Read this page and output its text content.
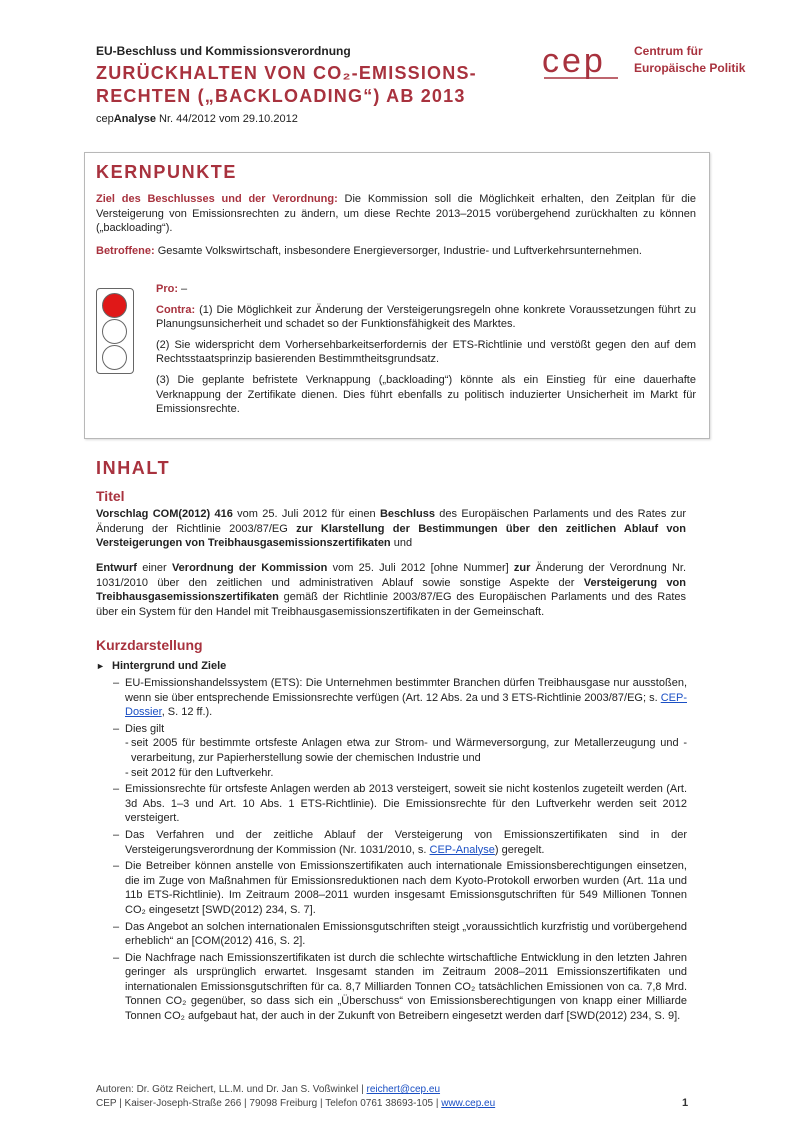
EU-Beschluss und Kommissionsverordnung
ZURÜCKHALTEN VON CO₂-EMISSIONS-
RECHTEN („BACKLOADING“) AB 2013
cepAnalyse Nr. 44/2012 vom 29.10.2012
cep Centrum für
Europäische Politik
KERNPUNKTE

Ziel des Beschlusses und der Verordnung: Die Kommission soll die Möglichkeit erhalten, den Zeitplan für die Versteigerung von Emissionsrechten zu ändern, um diese Rechte 2013–2015 vorübergehend zurückhalten zu können („backloading“).

Betroffene: Gesamte Volkswirtschaft, insbesondere Energieversorger, Industrie- und Luftverkehrsunternehmen.

Pro: –

Contra: (1) Die Möglichkeit zur Änderung der Versteigerungsregeln ohne konkrete Voraussetzungen führt zu Planungsunsicherheit und schadet so der Funktionsfähigkeit des Marktes.

(2) Sie widerspricht dem Vorhersehbarkeitserfordernis der ETS-Richtlinie und verstößt gegen den auf dem Rechtsstaatsprinzip basierenden Bestimmtheitsgrundsatz.

(3) Die geplante befristete Verknappung („backloading“) könnte als ein Einstieg für eine dauerhafte Verknappung der Zertifikate dienen. Dies führt ebenfalls zu politisch induzierter Unsicherheit im Markt für Emissionsrechte.

INHALT
Titel

Vorschlag COM(2012) 416 vom 25. Juli 2012 für einen Beschluss des Europäischen Parlaments und des Rates zur Änderung der Richtlinie 2003/87/EG zur Klarstellung der Bestimmungen über den zeitlichen Ablauf von Versteigerungen von Treibhausgasemissionszertifikaten und

Entwurf einer Verordnung der Kommission vom 25. Juli 2012 [ohne Nummer] zur Änderung der Verordnung Nr. 1031/2010 über den zeitlichen und administrativen Ablauf sowie sonstige Aspekte der Versteigerung von Treibhausgasemissionszertifikaten gemäß der Richtlinie 2003/87/EG des Europäischen Parlaments und des Rates über ein System für den Handel mit Treibhausgasemissionszertifikaten in der Gemeinschaft.

Kurzdarstellung
► Hintergrund und Ziele
– EU-Emissionshandelssystem (ETS): Die Unternehmen bestimmter Branchen dürfen Treibhausgase nur ausstoßen, wenn sie über entsprechende Emissionsrechte verfügen (Art. 12 Abs. 2a und 3 ETS-Richtlinie 2003/87/EG; s. CEP-Dossier, S. 12 ff.).
– Dies gilt
- seit 2005 für bestimmte ortsfeste Anlagen etwa zur Strom- und Wärmeversorgung, zur Metallerzeugung und -verarbeitung, zur Papierherstellung sowie der chemischen Industrie und
- seit 2012 für den Luftverkehr.
– Emissionsrechte für ortsfeste Anlagen werden ab 2013 versteigert, soweit sie nicht kostenlos zugeteilt werden (Art. 3d Abs. 1–3 und Art. 10 Abs. 1 ETS-Richtlinie). Die Emissionsrechte für den Luftverkehr werden seit 2012 versteigert.
– Das Verfahren und der zeitliche Ablauf der Versteigerung von Emissionszertifikaten sind in der Versteigerungsverordnung der Kommission (Nr. 1031/2010, s. CEP-Analyse) geregelt.
– Die Betreiber können anstelle von Emissionszertifikaten auch internationale Emissionsberechtigungen einsetzen, die im Zuge von Maßnahmen für Emissionsreduktionen nach dem Kyoto-Protokoll erworben wurden (Art. 11a und 11b ETS-Richtlinie). Im Zeitraum 2008–2011 wurden insgesamt Emissionsgutschriften für 549 Millionen Tonnen CO₂ eingesetzt [SWD(2012) 234, S. 7].
– Das Angebot an solchen internationalen Emissionsgutschriften steigt „voraussichtlich kurzfristig und vorübergehend erheblich“ an [COM(2012) 416, S. 2].
– Die Nachfrage nach Emissionszertifikaten ist durch die schlechte wirtschaftliche Entwicklung in den letzten Jahren geringer als ursprünglich erwartet. Insgesamt standen im Zeitraum 2008–2011 Emissionszertifikaten und internationalen Emissionsgutschriften für ca. 8,7 Milliarden Tonnen CO₂ tatsächlichen Emissionen von ca. 7,8 Mrd. Tonnen CO₂ gegenüber, so dass sich ein „Überschuss“ von Emissionsberechtigungen von knapp einer Milliarde Tonnen CO₂ aufgebaut hat, der auch in der Zukunft von Betreibern eingesetzt werden darf [SWD(2012) 234, S. 9].
Autoren: Dr. Götz Reichert, LL.M. und Dr. Jan S. Voßwinkel | reichert@cep.eu
CEP | Kaiser-Joseph-Straße 266 | 79098 Freiburg | Telefon 0761 38693-105 | www.cep.eu	1
